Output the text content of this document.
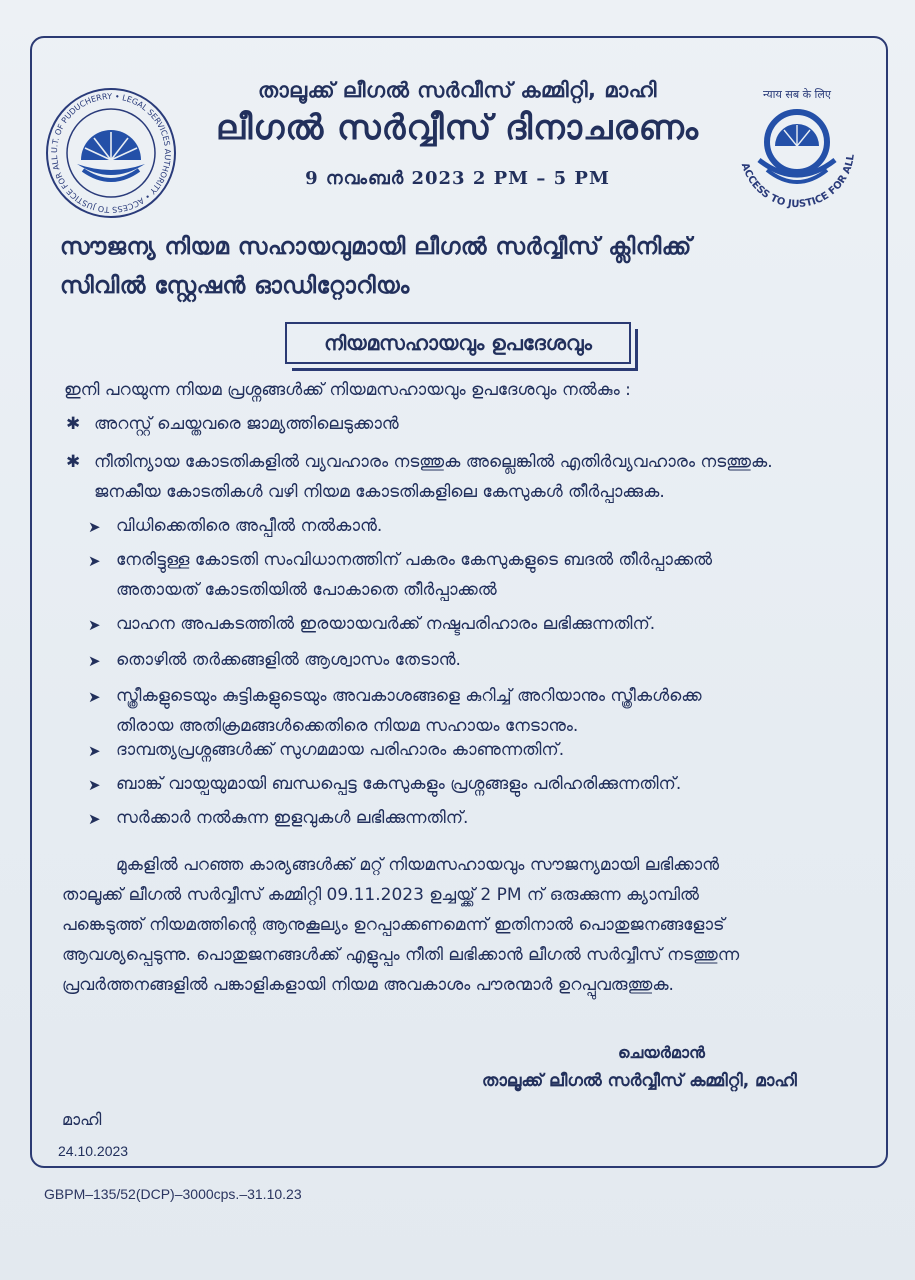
U.T. OF PUDUCHERRY • LEGAL SERVICES AUTHORITY • ACCESS TO JUSTICE FOR ALL
न्याय सब के लिए
ACCESS TO JUSTICE FOR ALL
താലൂക്ക് ലീഗൽ സർവീസ് കമ്മിറ്റി, മാഹി
ലീഗൽ സർവ്വീസ് ദിനാചരണം
9 നവംബർ 2023 2 PM – 5 PM
സൗജന്യ നിയമ സഹായവുമായി ലീഗൽ സർവ്വീസ് ക്ലിനിക്ക്
സിവിൽ സ്റ്റേഷൻ ഓഡിറ്റോറിയം
നിയമസഹായവും ഉപദേശവും
ഇനി പറയുന്ന നിയമ പ്രശ്നങ്ങൾക്ക് നിയമസഹായവും ഉപദേശവും നൽകും :
✱ അറസ്റ്റ് ചെയ്തവരെ ജാമ്യത്തിലെടുക്കാൻ
✱ നീതിന്യായ കോടതികളിൽ വ്യവഹാരം നടത്തുക അല്ലെങ്കിൽ എതിർവ്യവഹാരം നടത്തുക.
ജനകീയ കോടതികൾ വഴി നിയമ കോടതികളിലെ കേസുകൾ തീർപ്പാക്കുക.
➤ വിധിക്കെതിരെ അപ്പീൽ നൽകാൻ.
➤ നേരിട്ടുള്ള കോടതി സംവിധാനത്തിന് പകരം കേസുകളുടെ ബദൽ തീർപ്പാക്കൽ
അതായത് കോടതിയിൽ പോകാതെ തീർപ്പാക്കൽ
➤ വാഹന അപകടത്തിൽ ഇരയായവർക്ക് നഷ്ടപരിഹാരം ലഭിക്കുന്നതിന്.
➤ തൊഴിൽ തർക്കങ്ങളിൽ ആശ്വാസം തേടാൻ.
➤ സ്ത്രീകളുടെയും കുട്ടികളുടെയും അവകാശങ്ങളെ കുറിച്ച് അറിയാനും സ്ത്രീകൾക്കെ
തിരായ അതിക്രമങ്ങൾക്കെതിരെ നിയമ സഹായം നേടാനും.
➤ ദാമ്പത്യപ്രശ്നങ്ങൾക്ക് സുഗമമായ പരിഹാരം കാണുന്നതിന്.
➤ ബാങ്ക് വായ്പയുമായി ബന്ധപ്പെട്ട കേസുകളും പ്രശ്നങ്ങളും പരിഹരിക്കുന്നതിന്.
➤ സർക്കാർ നൽകുന്ന ഇളവുകൾ ലഭിക്കുന്നതിന്.
മുകളിൽ പറഞ്ഞ കാര്യങ്ങൾക്ക് മറ്റ് നിയമസഹായവും സൗജന്യമായി ലഭിക്കാൻ
താലൂക്ക് ലീഗൽ സർവ്വീസ് കമ്മിറ്റി 09.11.2023 ഉച്ചയ്ക്ക് 2 PM ന് ഒരുക്കുന്ന ക്യാമ്പിൽ
പങ്കെടുത്ത് നിയമത്തിന്റെ ആനുകൂല്യം ഉറപ്പാക്കണമെന്ന് ഇതിനാൽ പൊതുജനങ്ങളോട്
ആവശ്യപ്പെടുന്നു. പൊതുജനങ്ങൾക്ക് എളുപ്പം നീതി ലഭിക്കാൻ ലീഗൽ സർവ്വീസ് നടത്തുന്ന
പ്രവർത്തനങ്ങളിൽ പങ്കാളികളായി നിയമ അവകാശം പൗരന്മാർ ഉറപ്പുവരുത്തുക.
ചെയർമാൻ
താലൂക്ക് ലീഗൽ സർവ്വീസ് കമ്മിറ്റി, മാഹി
മാഹി
24.10.2023
GBPM–135/52(DCP)–3000cps.–31.10.23
